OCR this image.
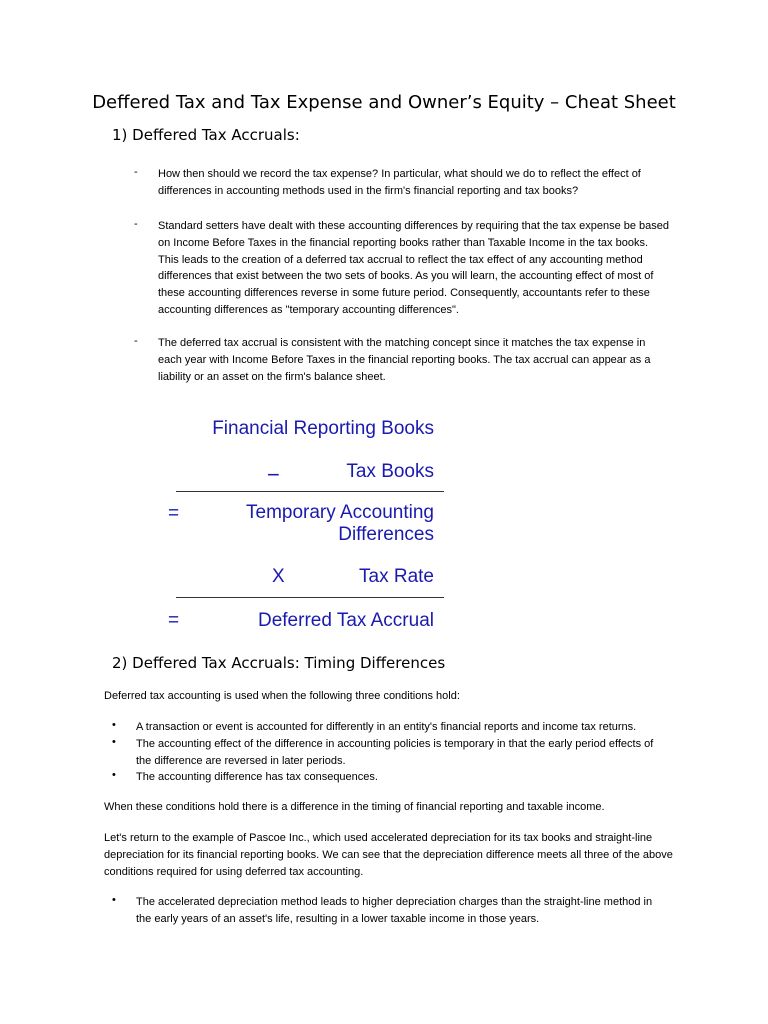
Deffered Tax and Tax Expense and Owner’s Equity – Cheat Sheet
1) Deffered Tax Accruals:
- How then should we record the tax expense? In particular, what should we do to reflect the effect of differences in accounting methods used in the firm's financial reporting and tax books?
- Standard setters have dealt with these accounting differences by requiring that the tax expense be based on Income Before Taxes in the financial reporting books rather than Taxable Income in the tax books. This leads to the creation of a deferred tax accrual to reflect the tax effect of any accounting method differences that exist between the two sets of books. As you will learn, the accounting effect of most of these accounting differences reverse in some future period. Consequently, accountants refer to these accounting differences as "temporary accounting differences".
- The deferred tax accrual is consistent with the matching concept since it matches the tax expense in each year with Income Before Taxes in the financial reporting books. The tax accrual can appear as a liability or an asset on the firm's balance sheet.
Financial Reporting Books
−	Tax Books
=	Temporary Accounting
Differences
X	Tax Rate
=	Deferred Tax Accrual
2) Deffered Tax Accruals: Timing Differences
Deferred tax accounting is used when the following three conditions hold:
• A transaction or event is accounted for differently in an entity's financial reports and income tax returns.
• The accounting effect of the difference in accounting policies is temporary in that the early period effects of the difference are reversed in later periods.
• The accounting difference has tax consequences.
When these conditions hold there is a difference in the timing of financial reporting and taxable income.
Let's return to the example of Pascoe Inc., which used accelerated depreciation for its tax books and straight-line depreciation for its financial reporting books. We can see that the depreciation difference meets all three of the above conditions required for using deferred tax accounting.
• The accelerated depreciation method leads to higher depreciation charges than the straight-line method in the early years of an asset's life, resulting in a lower taxable income in those years.
